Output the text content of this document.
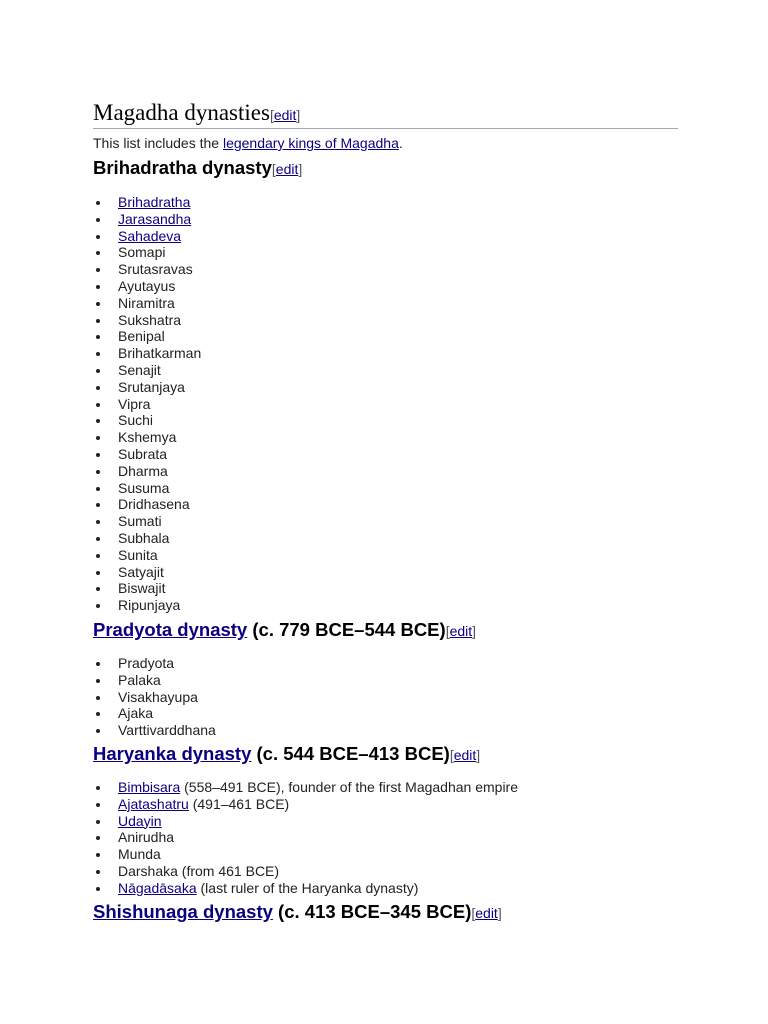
Magadha dynasties[edit]
This list includes the legendary kings of Magadha.
Brihadratha dynasty[edit]
Brihadratha
Jarasandha
Sahadeva
Somapi
Srutasravas
Ayutayus
Niramitra
Sukshatra
Benipal
Brihatkarman
Senajit
Srutanjaya
Vipra
Suchi
Kshemya
Subrata
Dharma
Susuma
Dridhasena
Sumati
Subhala
Sunita
Satyajit
Biswajit
Ripunjaya
Pradyota dynasty (c. 779 BCE–544 BCE)[edit]
Pradyota
Palaka
Visakhayupa
Ajaka
Varttivarddhana
Haryanka dynasty (c. 544 BCE–413 BCE)[edit]
Bimbisara (558–491 BCE), founder of the first Magadhan empire
Ajatashatru (491–461 BCE)
Udayin
Anirudha
Munda
Darshaka (from 461 BCE)
Nāgadāsaka (last ruler of the Haryanka dynasty)
Shishunaga dynasty (c. 413 BCE–345 BCE)[edit]
